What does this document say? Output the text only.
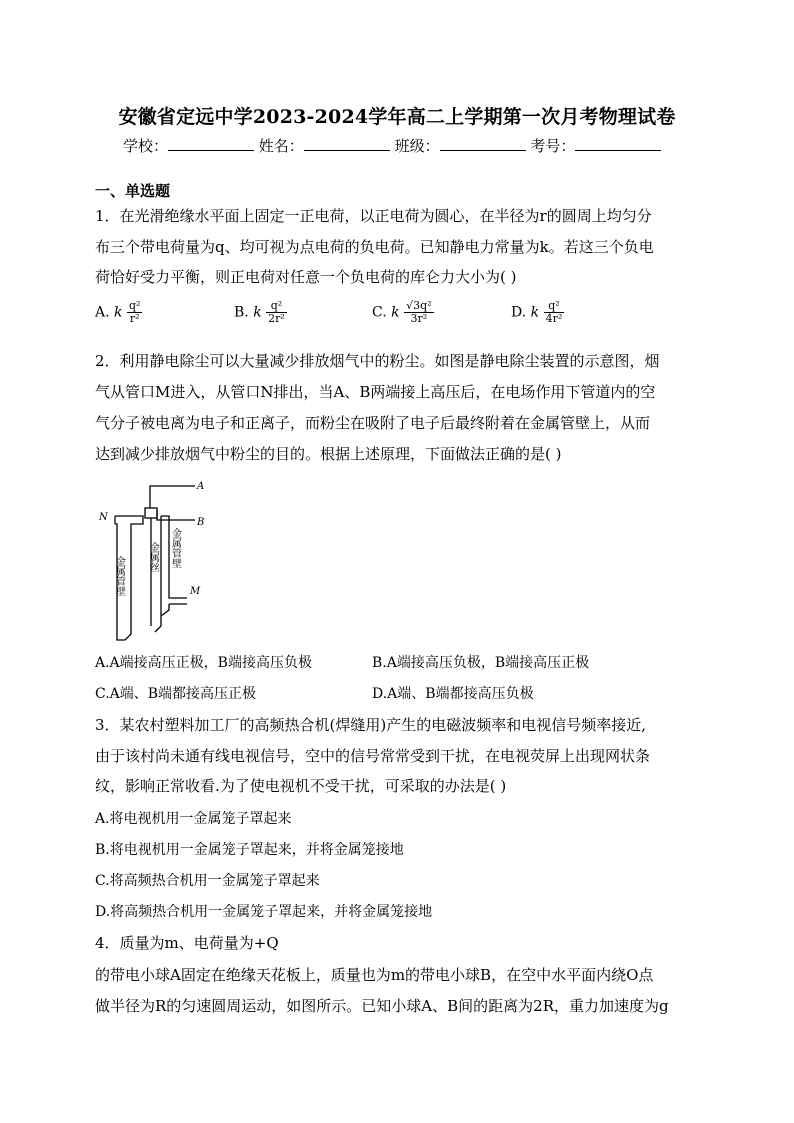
安徽省定远中学2023-2024学年高二上学期第一次月考物理试卷
学校：	姓名：	班级：	考号：
一、单选题
1．在光滑绝缘水平面上固定一正电荷，以正电荷为圆心，在半径为r的圆周上均匀分
布三个带电荷量为q、均可视为点电荷的负电荷。已知静电力常量为k。若这三个负电
荷恰好受力平衡，则正电荷对任意一个负电荷的库仑力大小为( )
A. k $\frac{\text{q²}}{\text{r²}}$	B. k $\frac{\text{q²}}{\text{2r²}}$	C. k $\frac{\text{√3q²}}{\text{3r²}}$	D. k $\frac{\text{q²}}{\text{4r²}}$
2．利用静电除尘可以大量减少排放烟气中的粉尘。如图是静电除尘装置的示意图，烟
气从管口M进入，从管口N排出，当A、B两端接上高压后，在电场作用下管道内的空
气分子被电离为电子和正离子，而粉尘在吸附了电子后最终附着在金属管壁上，从而
达到减少排放烟气中粉尘的目的。根据上述原理，下面做法正确的是( )
A
B
N
M
金属管壁 金属丝 金属管壁
A.A端接高压正极，B端接高压负极	B.A端接高压负极，B端接高压正极
C.A端、B端都接高压正极	D.A端、B端都接高压负极
3．某农村塑料加工厂的高频热合机(焊缝用)产生的电磁波频率和电视信号频率接近,
由于该村尚未通有线电视信号，空中的信号常常受到干扰，在电视荧屏上出现网状条
纹，影响正常收看.为了使电视机不受干扰，可采取的办法是( )
A.将电视机用一金属笼子罩起来
B.将电视机用一金属笼子罩起来，并将金属笼接地
C.将高频热合机用一金属笼子罩起来
D.将高频热合机用一金属笼子罩起来，并将金属笼接地
4．质量为m、电荷量为+Q
的带电小球A固定在绝缘天花板上，质量也为m的带电小球B，在空中水平面内绕O点
做半径为R的匀速圆周运动，如图所示。已知小球A、B间的距离为2R，重力加速度为g
